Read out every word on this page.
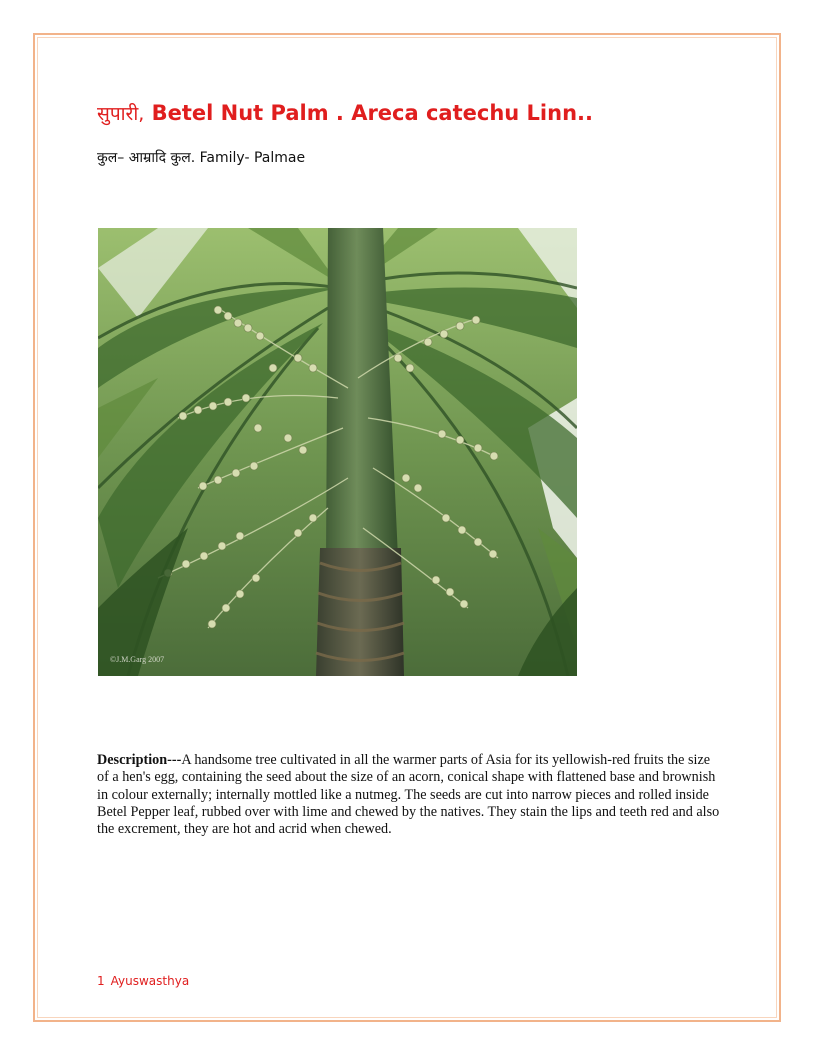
सुपारी, Betel Nut Palm . Areca catechu Linn..

कुल– आम्रादि कुल. Family- Palmae

©J.M.Garg 2007

Description---A handsome tree cultivated in all the warmer parts of Asia for its yellowish-red fruits the size of a hen's egg, containing the seed about the size of an acorn, conical shape with flattened base and brownish in colour externally; internally mottled like a nutmeg. The seeds are cut into narrow pieces and rolled inside Betel Pepper leaf, rubbed over with lime and chewed by the natives. They stain the lips and teeth red and also the excrement, they are hot and acrid when chewed.

1 Ayuswasthya
